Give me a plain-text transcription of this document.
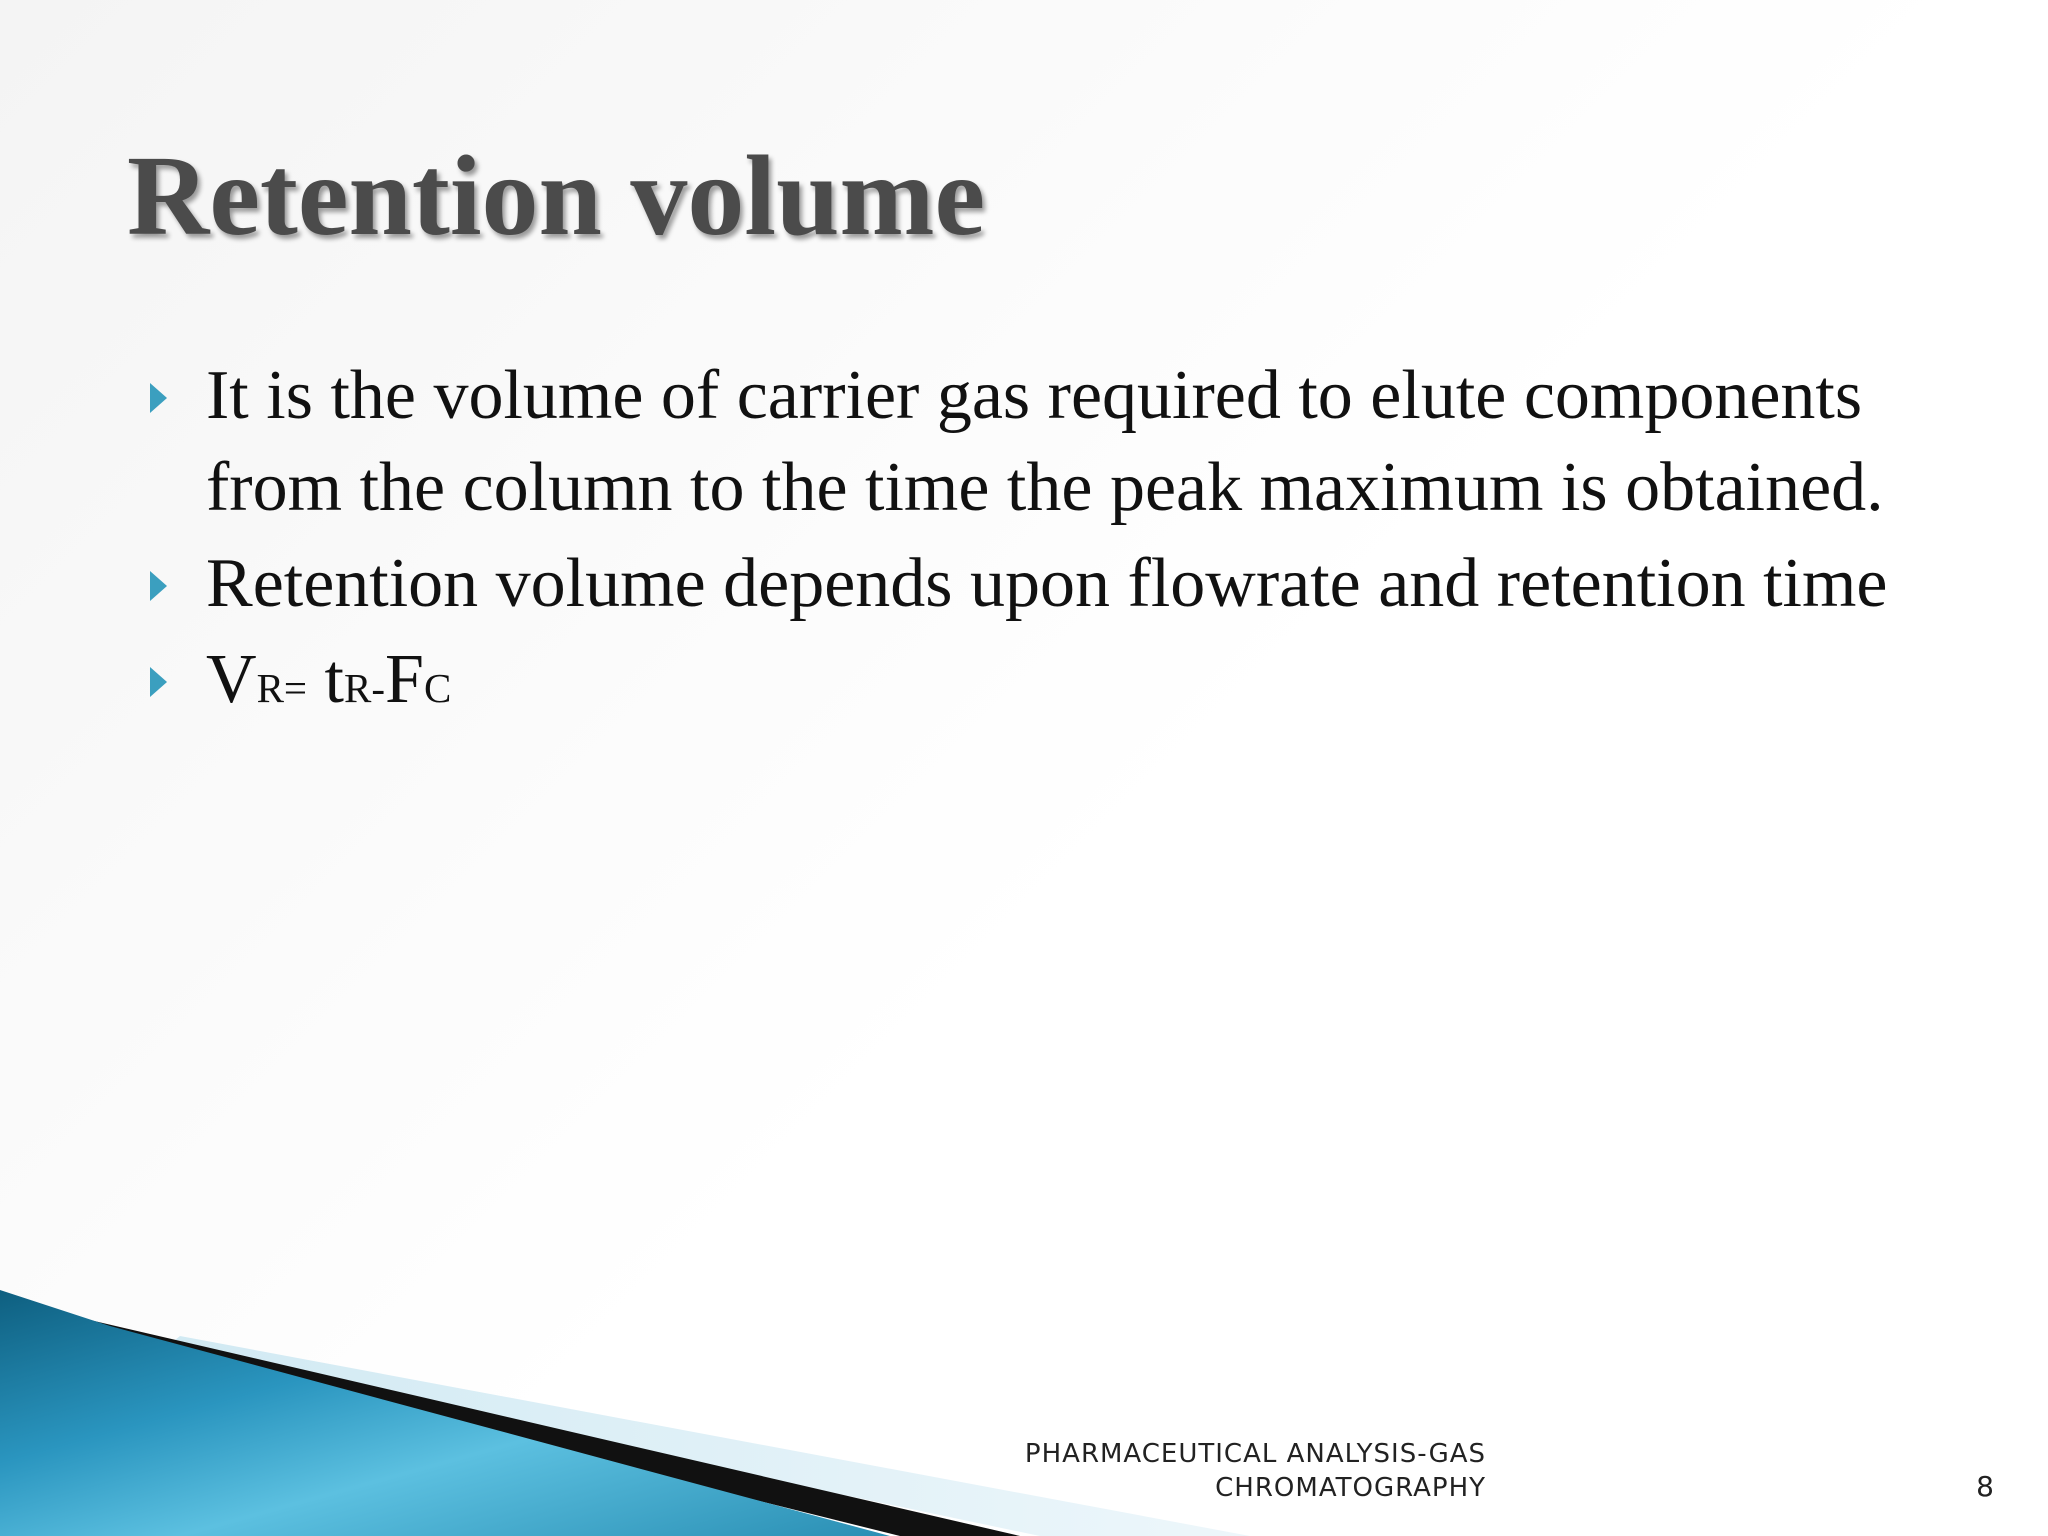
Retention volume
It is the volume of carrier gas required to elute components from the column to the time the peak maximum is obtained.
Retention volume depends upon flowrate and retention time
VR= tR-FC
PHARMACEUTICAL ANALYSIS-GAS
CHROMATOGRAPHY	8
